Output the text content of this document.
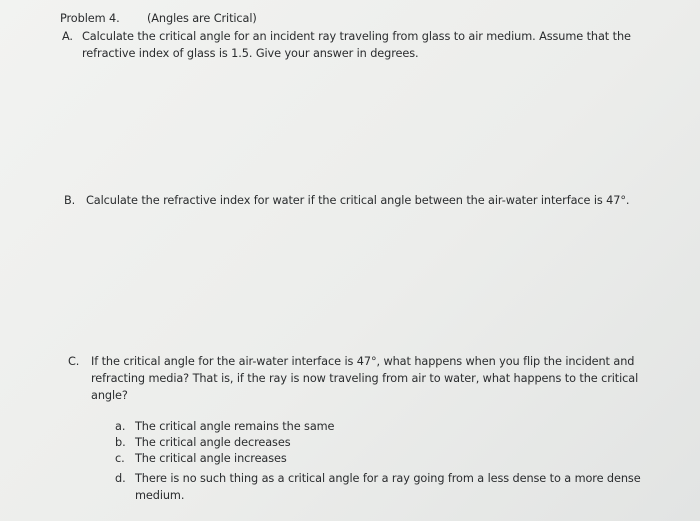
Problem 4. (Angles are Critical)
A. Calculate the critical angle for an incident ray traveling from glass to air medium. Assume that the
refractive index of glass is 1.5. Give your answer in degrees.
B. Calculate the refractive index for water if the critical angle between the air-water interface is 47°.
C. If the critical angle for the air-water interface is 47°, what happens when you flip the incident and
refracting media? That is, if the ray is now traveling from air to water, what happens to the critical
angle?
a. The critical angle remains the same
b. The critical angle decreases
c. The critical angle increases
d. There is no such thing as a critical angle for a ray going from a less dense to a more dense
medium.
